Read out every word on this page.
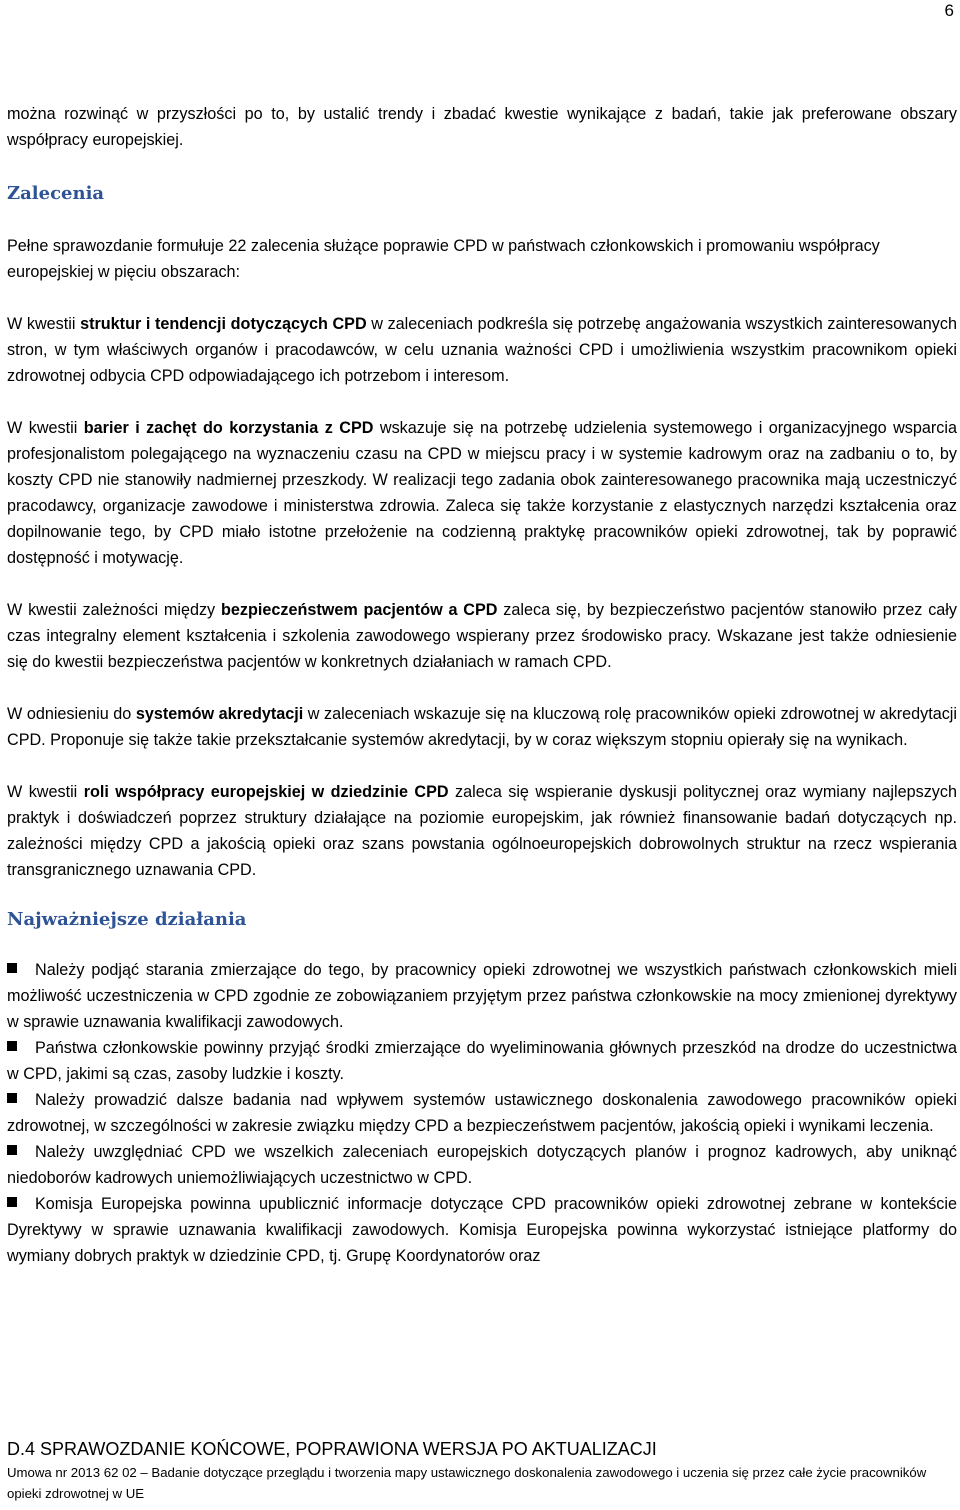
6

można rozwinąć w przyszłości po to, by ustalić trendy i zbadać kwestie wynikające z badań, takie jak preferowane obszary współpracy europejskiej.

Zalecenia

Pełne sprawozdanie formułuje 22 zalecenia służące poprawie CPD w państwach członkowskich i promowaniu współpracy europejskiej w pięciu obszarach:

W kwestii struktur i tendencji dotyczących CPD w zaleceniach podkreśla się potrzebę angażowania wszystkich zainteresowanych stron, w tym właściwych organów i pracodawców, w celu uznania ważności CPD i umożliwienia wszystkim pracownikom opieki zdrowotnej odbycia CPD odpowiadającego ich potrzebom i interesom.

W kwestii barier i zachęt do korzystania z CPD wskazuje się na potrzebę udzielenia systemowego i organizacyjnego wsparcia profesjonalistom polegającego na wyznaczeniu czasu na CPD w miejscu pracy i w systemie kadrowym oraz na zadbaniu o to, by koszty CPD nie stanowiły nadmiernej przeszkody. W realizacji tego zadania obok zainteresowanego pracownika mają uczestniczyć pracodawcy, organizacje zawodowe i ministerstwa zdrowia. Zaleca się także korzystanie z elastycznych narzędzi kształcenia oraz dopilnowanie tego, by CPD miało istotne przełożenie na codzienną praktykę pracowników opieki zdrowotnej, tak by poprawić dostępność i motywację.

W kwestii zależności między bezpieczeństwem pacjentów a CPD zaleca się, by bezpieczeństwo pacjentów stanowiło przez cały czas integralny element kształcenia i szkolenia zawodowego wspierany przez środowisko pracy. Wskazane jest także odniesienie się do kwestii bezpieczeństwa pacjentów w konkretnych działaniach w ramach CPD.

W odniesieniu do systemów akredytacji w zaleceniach wskazuje się na kluczową rolę pracowników opieki zdrowotnej w akredytacji CPD. Proponuje się także takie przekształcanie systemów akredytacji, by w coraz większym stopniu opierały się na wynikach.

W kwestii roli współpracy europejskiej w dziedzinie CPD zaleca się wspieranie dyskusji politycznej oraz wymiany najlepszych praktyk i doświadczeń poprzez struktury działające na poziomie europejskim, jak również finansowanie badań dotyczących np. zależności między CPD a jakością opieki oraz szans powstania ogólnoeuropejskich dobrowolnych struktur na rzecz wspierania transgranicznego uznawania CPD.

Najważniejsze działania
Należy podjąć starania zmierzające do tego, by pracownicy opieki zdrowotnej we wszystkich państwach członkowskich mieli możliwość uczestniczenia w CPD zgodnie ze zobowiązaniem przyjętym przez państwa członkowskie na mocy zmienionej dyrektywy w sprawie uznawania kwalifikacji zawodowych.
Państwa członkowskie powinny przyjąć środki zmierzające do wyeliminowania głównych przeszkód na drodze do uczestnictwa w CPD, jakimi są czas, zasoby ludzkie i koszty.
Należy prowadzić dalsze badania nad wpływem systemów ustawicznego doskonalenia zawodowego pracowników opieki zdrowotnej, w szczególności w zakresie związku między CPD a bezpieczeństwem pacjentów, jakością opieki i wynikami leczenia.
Należy uwzględniać CPD we wszelkich zaleceniach europejskich dotyczących planów i prognoz kadrowych, aby uniknąć niedoborów kadrowych uniemożliwiających uczestnictwo w CPD.
Komisja Europejska powinna upublicznić informacje dotyczące CPD pracowników opieki zdrowotnej zebrane w kontekście Dyrektywy w sprawie uznawania kwalifikacji zawodowych. Komisja Europejska powinna wykorzystać istniejące platformy do wymiany dobrych praktyk w dziedzinie CPD, tj. Grupę Koordynatorów oraz

D.4 SPRAWOZDANIE KOŃCOWE, POPRAWIONA WERSJA PO AKTUALIZACJI

Umowa nr 2013 62 02 – Badanie dotyczące przeglądu i tworzenia mapy ustawicznego doskonalenia zawodowego i uczenia się przez całe życie pracowników opieki zdrowotnej w UE
